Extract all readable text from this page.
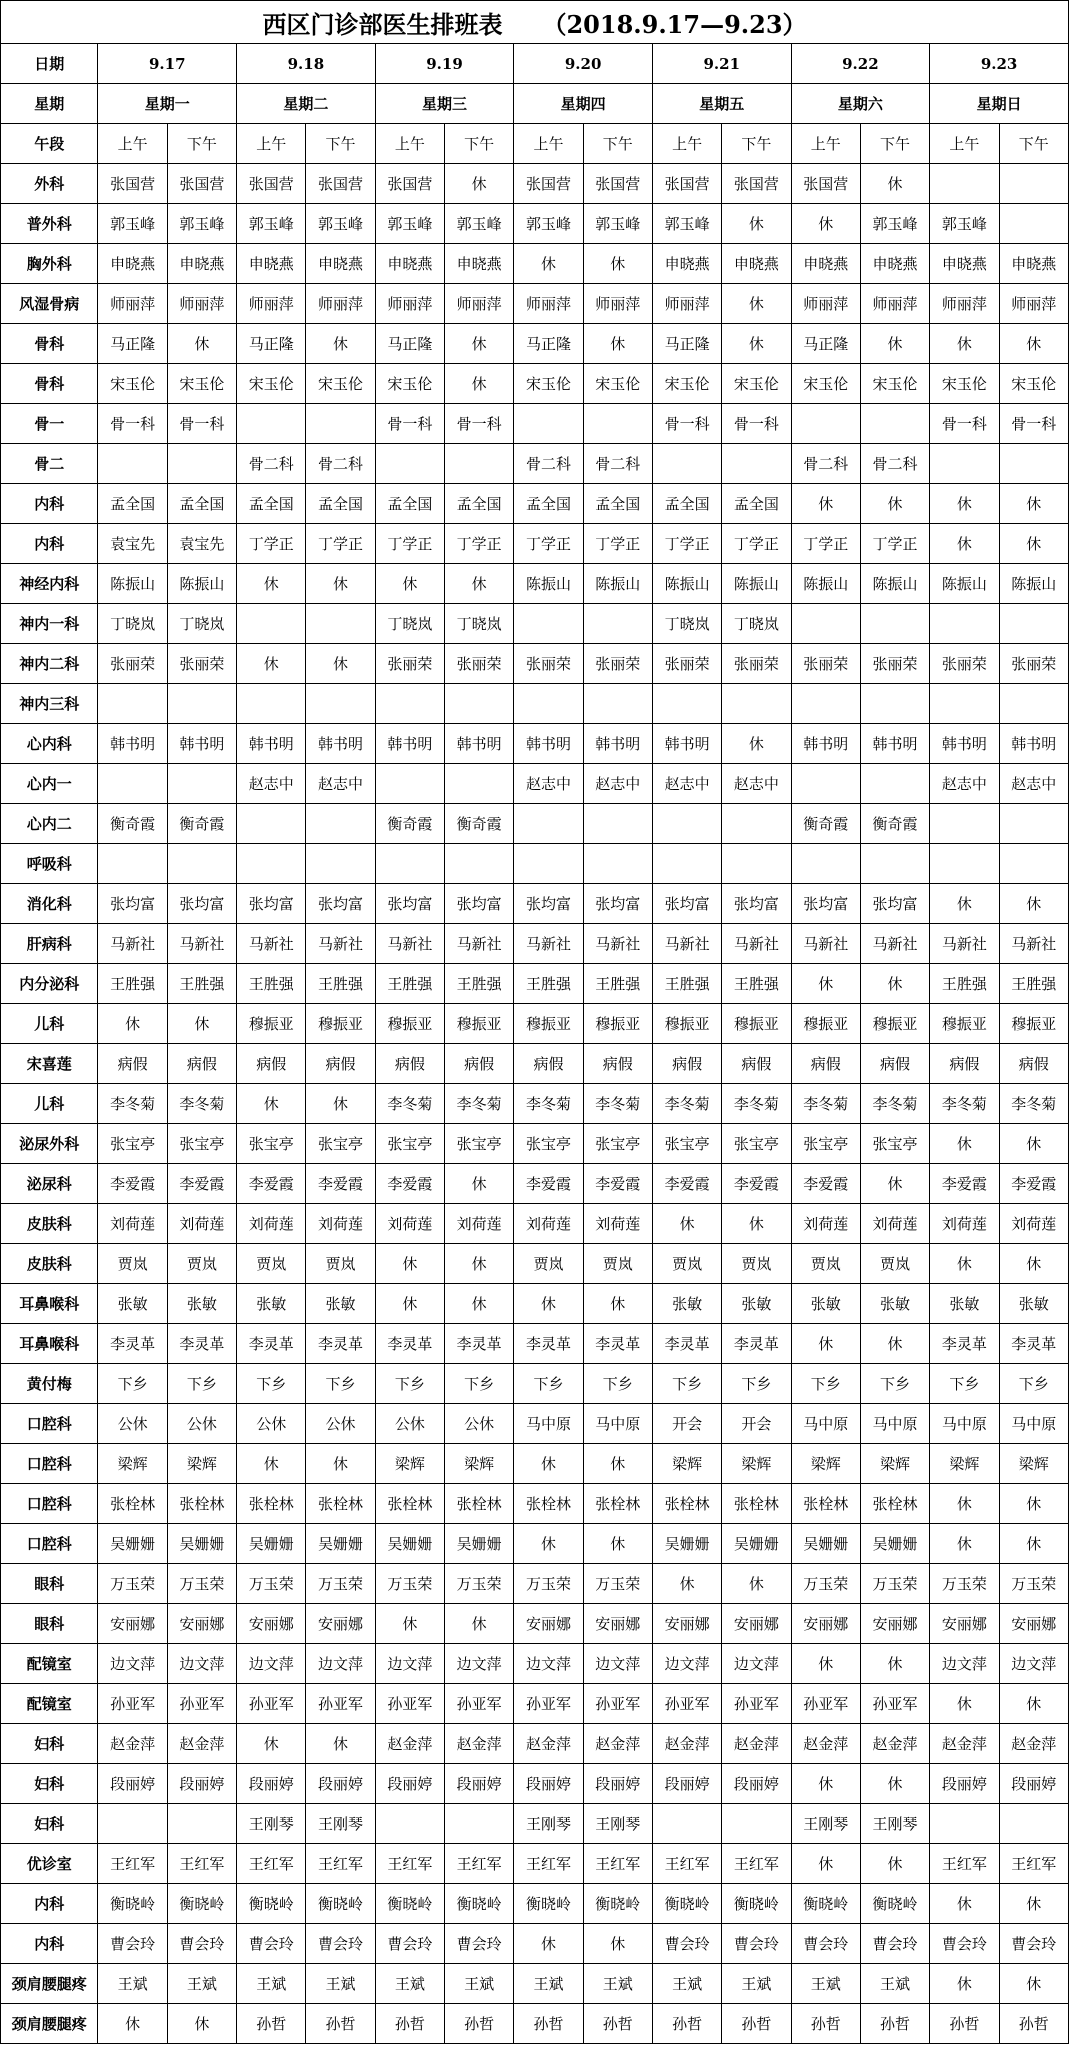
西区门诊部医生排班表 （2018.9.17—9.23）														
日期	9.17		9.18		9.19		9.20		9.21		9.22		9.23	
星期	星期一		星期二		星期三		星期四		星期五		星期六		星期日	
午段	上午	下午	上午	下午	上午	下午	上午	下午	上午	下午	上午	下午	上午	下午
外科	张国营	张国营	张国营	张国营	张国营	休	张国营	张国营	张国营	张国营	张国营	休		
普外科	郭玉峰	郭玉峰	郭玉峰	郭玉峰	郭玉峰	郭玉峰	郭玉峰	郭玉峰	郭玉峰	休	休	郭玉峰	郭玉峰	
胸外科	申晓燕	申晓燕	申晓燕	申晓燕	申晓燕	申晓燕	休	休	申晓燕	申晓燕	申晓燕	申晓燕	申晓燕	申晓燕
风湿骨病	师丽萍	师丽萍	师丽萍	师丽萍	师丽萍	师丽萍	师丽萍	师丽萍	师丽萍	休	师丽萍	师丽萍	师丽萍	师丽萍
骨科	马正隆	休	马正隆	休	马正隆	休	马正隆	休	马正隆	休	马正隆	休	休	休
骨科	宋玉伦	宋玉伦	宋玉伦	宋玉伦	宋玉伦	休	宋玉伦	宋玉伦	宋玉伦	宋玉伦	宋玉伦	宋玉伦	宋玉伦	宋玉伦
骨一	骨一科	骨一科			骨一科	骨一科			骨一科	骨一科			骨一科	骨一科
骨二			骨二科	骨二科			骨二科	骨二科			骨二科	骨二科		
内科	孟全国	孟全国	孟全国	孟全国	孟全国	孟全国	孟全国	孟全国	孟全国	孟全国	休	休	休	休
内科	袁宝先	袁宝先	丁学正	丁学正	丁学正	丁学正	丁学正	丁学正	丁学正	丁学正	丁学正	丁学正	休	休
神经内科	陈振山	陈振山	休	休	休	休	陈振山	陈振山	陈振山	陈振山	陈振山	陈振山	陈振山	陈振山
神内一科	丁晓岚	丁晓岚			丁晓岚	丁晓岚			丁晓岚	丁晓岚				
神内二科	张丽荣	张丽荣	休	休	张丽荣	张丽荣	张丽荣	张丽荣	张丽荣	张丽荣	张丽荣	张丽荣	张丽荣	张丽荣
神内三科														
心内科	韩书明	韩书明	韩书明	韩书明	韩书明	韩书明	韩书明	韩书明	韩书明	休	韩书明	韩书明	韩书明	韩书明
心内一			赵志中	赵志中			赵志中	赵志中	赵志中	赵志中			赵志中	赵志中
心内二	衡奇霞	衡奇霞			衡奇霞	衡奇霞					衡奇霞	衡奇霞		
呼吸科														
消化科	张均富	张均富	张均富	张均富	张均富	张均富	张均富	张均富	张均富	张均富	张均富	张均富	休	休
肝病科	马新社	马新社	马新社	马新社	马新社	马新社	马新社	马新社	马新社	马新社	马新社	马新社	马新社	马新社
内分泌科	王胜强	王胜强	王胜强	王胜强	王胜强	王胜强	王胜强	王胜强	王胜强	王胜强	休	休	王胜强	王胜强
儿科	休	休	穆振亚	穆振亚	穆振亚	穆振亚	穆振亚	穆振亚	穆振亚	穆振亚	穆振亚	穆振亚	穆振亚	穆振亚
宋喜莲	病假	病假	病假	病假	病假	病假	病假	病假	病假	病假	病假	病假	病假	病假
儿科	李冬菊	李冬菊	休	休	李冬菊	李冬菊	李冬菊	李冬菊	李冬菊	李冬菊	李冬菊	李冬菊	李冬菊	李冬菊
泌尿外科	张宝亭	张宝亭	张宝亭	张宝亭	张宝亭	张宝亭	张宝亭	张宝亭	张宝亭	张宝亭	张宝亭	张宝亭	休	休
泌尿科	李爱霞	李爱霞	李爱霞	李爱霞	李爱霞	休	李爱霞	李爱霞	李爱霞	李爱霞	李爱霞	休	李爱霞	李爱霞
皮肤科	刘荷莲	刘荷莲	刘荷莲	刘荷莲	刘荷莲	刘荷莲	刘荷莲	刘荷莲	休	休	刘荷莲	刘荷莲	刘荷莲	刘荷莲
皮肤科	贾岚	贾岚	贾岚	贾岚	休	休	贾岚	贾岚	贾岚	贾岚	贾岚	贾岚	休	休
耳鼻喉科	张敏	张敏	张敏	张敏	休	休	休	休	张敏	张敏	张敏	张敏	张敏	张敏
耳鼻喉科	李灵革	李灵革	李灵革	李灵革	李灵革	李灵革	李灵革	李灵革	李灵革	李灵革	休	休	李灵革	李灵革
黄付梅	下乡	下乡	下乡	下乡	下乡	下乡	下乡	下乡	下乡	下乡	下乡	下乡	下乡	下乡
口腔科	公休	公休	公休	公休	公休	公休	马中原	马中原	开会	开会	马中原	马中原	马中原	马中原
口腔科	梁辉	梁辉	休	休	梁辉	梁辉	休	休	梁辉	梁辉	梁辉	梁辉	梁辉	梁辉
口腔科	张栓林	张栓林	张栓林	张栓林	张栓林	张栓林	张栓林	张栓林	张栓林	张栓林	张栓林	张栓林	休	休
口腔科	吴姗姗	吴姗姗	吴姗姗	吴姗姗	吴姗姗	吴姗姗	休	休	吴姗姗	吴姗姗	吴姗姗	吴姗姗	休	休
眼科	万玉荣	万玉荣	万玉荣	万玉荣	万玉荣	万玉荣	万玉荣	万玉荣	休	休	万玉荣	万玉荣	万玉荣	万玉荣
眼科	安丽娜	安丽娜	安丽娜	安丽娜	休	休	安丽娜	安丽娜	安丽娜	安丽娜	安丽娜	安丽娜	安丽娜	安丽娜
配镜室	边文萍	边文萍	边文萍	边文萍	边文萍	边文萍	边文萍	边文萍	边文萍	边文萍	休	休	边文萍	边文萍
配镜室	孙亚军	孙亚军	孙亚军	孙亚军	孙亚军	孙亚军	孙亚军	孙亚军	孙亚军	孙亚军	孙亚军	孙亚军	休	休
妇科	赵金萍	赵金萍	休	休	赵金萍	赵金萍	赵金萍	赵金萍	赵金萍	赵金萍	赵金萍	赵金萍	赵金萍	赵金萍
妇科	段丽婷	段丽婷	段丽婷	段丽婷	段丽婷	段丽婷	段丽婷	段丽婷	段丽婷	段丽婷	休	休	段丽婷	段丽婷
妇科			王刚琴	王刚琴			王刚琴	王刚琴			王刚琴	王刚琴		
优诊室	王红军	王红军	王红军	王红军	王红军	王红军	王红军	王红军	王红军	王红军	休	休	王红军	王红军
内科	衡晓岭	衡晓岭	衡晓岭	衡晓岭	衡晓岭	衡晓岭	衡晓岭	衡晓岭	衡晓岭	衡晓岭	衡晓岭	衡晓岭	休	休
内科	曹会玲	曹会玲	曹会玲	曹会玲	曹会玲	曹会玲	休	休	曹会玲	曹会玲	曹会玲	曹会玲	曹会玲	曹会玲
颈肩腰腿疼	王斌	王斌	王斌	王斌	王斌	王斌	王斌	王斌	王斌	王斌	王斌	王斌	休	休
颈肩腰腿疼	休	休	孙哲	孙哲	孙哲	孙哲	孙哲	孙哲	孙哲	孙哲	孙哲	孙哲	孙哲	孙哲
